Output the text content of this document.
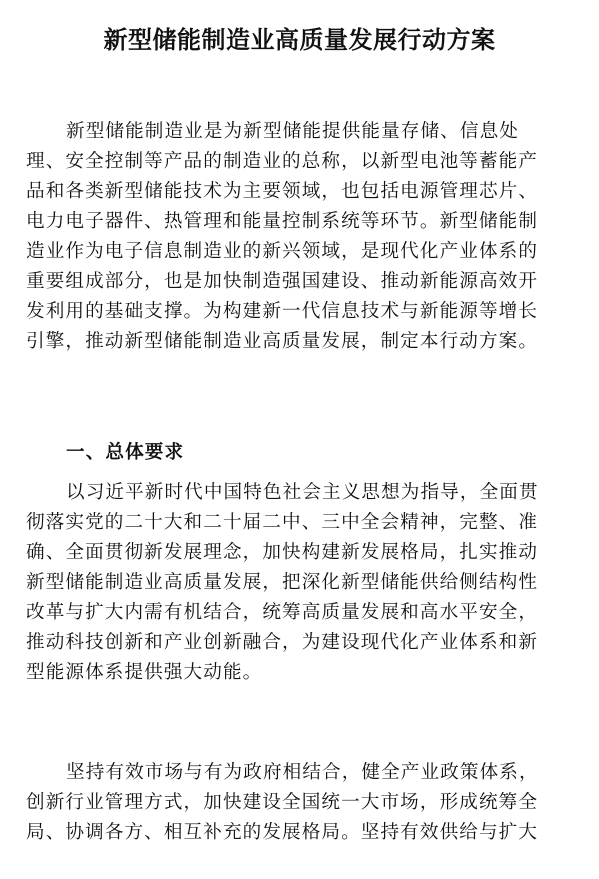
新型储能制造业高质量发展行动方案
新型储能制造业是为新型储能提供能量存储、信息处
理、安全控制等产品的制造业的总称，以新型电池等蓄能产
品和各类新型储能技术为主要领域，也包括电源管理芯片、
电力电子器件、热管理和能量控制系统等环节。新型储能制
造业作为电子信息制造业的新兴领域，是现代化产业体系的
重要组成部分，也是加快制造强国建设、推动新能源高效开
发利用的基础支撑。为构建新一代信息技术与新能源等增长
引擎，推动新型储能制造业高质量发展，制定本行动方案。
一、总体要求
以习近平新时代中国特色社会主义思想为指导，全面贯
彻落实党的二十大和二十届二中、三中全会精神，完整、准
确、全面贯彻新发展理念，加快构建新发展格局，扎实推动
新型储能制造业高质量发展，把深化新型储能供给侧结构性
改革与扩大内需有机结合，统筹高质量发展和高水平安全，
推动科技创新和产业创新融合，为建设现代化产业体系和新
型能源体系提供强大动能。
坚持有效市场与有为政府相结合，健全产业政策体系，
创新行业管理方式，加快建设全国统一大市场，形成统筹全
局、协调各方、相互补充的发展格局。坚持有效供给与扩大
